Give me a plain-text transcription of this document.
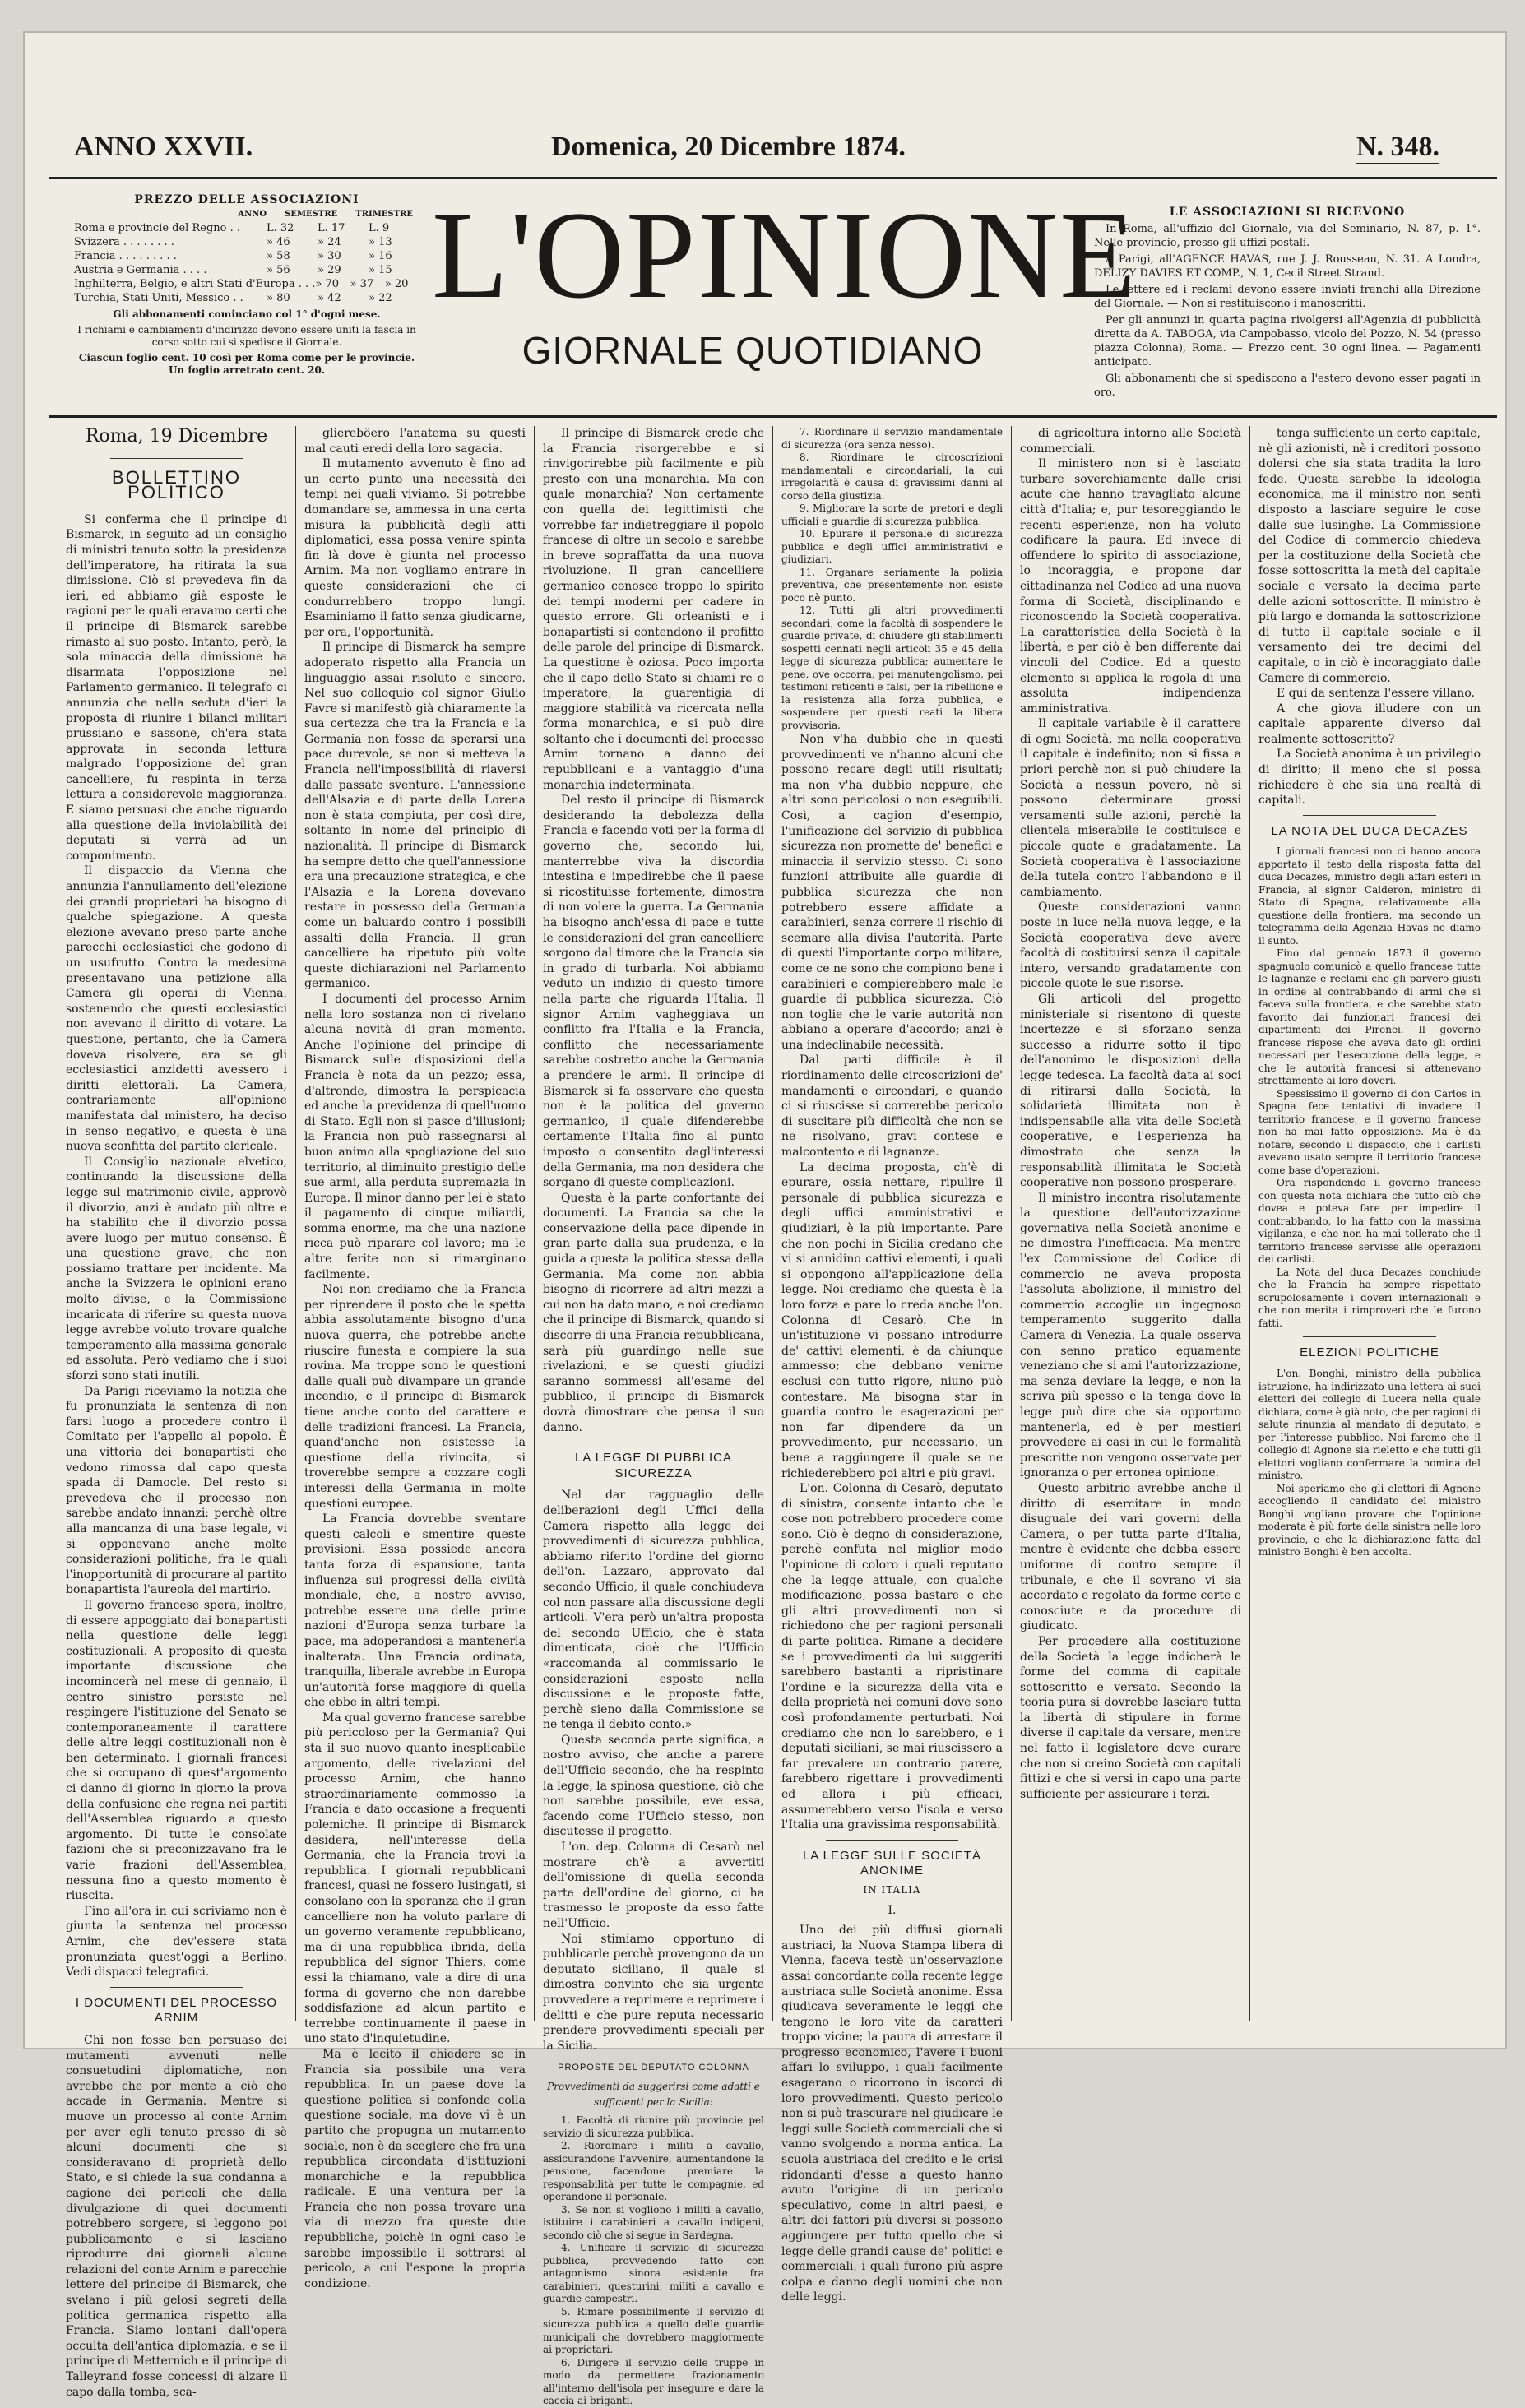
ANNO XXVII.	Domenica, 20 Dicembre 1874.	N. 348.
PREZZO DELLE ASSOCIAZIONI
ANNO SEMESTRE TRIMESTRE
Roma e provincie del Regno . .	L. 32	L. 17	L. 9
Svizzera . . . . . . . .	» 46	» 24	» 13
Francia . . . . . . . . .	» 58	» 30	» 16
Austria e Germania . . . .	» 56	» 29	» 15
Inghilterra, Belgio, e altri Stati d'Europa . . . » 70	» 37	» 20
Turchia, Stati Uniti, Messico . .	» 80	» 42	» 22
Gli abbonamenti cominciano col 1° d'ogni mese.
I richiami e cambiamenti d'indirizzo devono essere uniti la fascia in corso sotto cui si spedisce il Giornale.
Ciascun foglio cent. 10 così per Roma come per le provincie. Un foglio arretrato cent. 20.
L'OPINIONE
GIORNALE QUOTIDIANO
LE ASSOCIAZIONI SI RICEVONO

In Roma, all'uffizio del Giornale, via del Seminario, N. 87, p. 1°. Nelle provincie, presso gli uffizi postali.

A Parigi, all'AGENCE HAVAS, rue J. J. Rousseau, N. 31. A Londra, DELIZY DAVIES ET COMP., N. 1, Cecil Street Strand.

Le lettere ed i reclami devono essere inviati franchi alla Direzione del Giornale. — Non si restituiscono i manoscritti.

Per gli annunzi in quarta pagina rivolgersi all'Agenzia di pubblicità diretta da A. TABOGA, via Campobasso, vicolo del Pozzo, N. 54 (presso piazza Colonna), Roma. — Prezzo cent. 30 ogni linea. — Pagamenti anticipato.

Gli abbonamenti che si spediscono a l'estero devono esser pagati in oro.

Roma, 19 Dicembre

BOLLETTINO POLITICO

Si conferma che il principe di Bismarck, in seguito ad un consiglio di ministri tenuto sotto la presidenza dell'imperatore, ha ritirata la sua dimissione. Ciò si prevedeva fin da ieri, ed abbiamo già esposte le ragioni per le quali eravamo certi che il principe di Bismarck sarebbe rimasto al suo posto. Intanto, però, la sola minaccia della dimissione ha disarmata l'opposizione nel Parlamento germanico. Il telegrafo ci annunzia che nella seduta d'ieri la proposta di riunire i bilanci militari prussiano e sassone, ch'era stata approvata in seconda lettura malgrado l'opposizione del gran cancelliere, fu respinta in terza lettura a considerevole maggioranza. E siamo persuasi che anche riguardo alla questione della inviolabilità dei deputati si verrà ad un componimento.

Il dispaccio da Vienna che annunzia l'annullamento dell'elezione dei grandi proprietari ha bisogno di qualche spiegazione. A questa elezione avevano preso parte anche parecchi ecclesiastici che godono di un usufrutto. Contro la medesima presentavano una petizione alla Camera gli operai di Vienna, sostenendo che questi ecclesiastici non avevano il diritto di votare. La questione, pertanto, che la Camera doveva risolvere, era se gli ecclesiastici anzidetti avessero i diritti elettorali. La Camera, contrariamente all'opinione manifestata dal ministero, ha deciso in senso negativo, e questa è una nuova sconfitta del partito clericale.

Il Consiglio nazionale elvetico, continuando la discussione della legge sul matrimonio civile, approvò il divorzio, anzi è andato più oltre e ha stabilito che il divorzio possa avere luogo per mutuo consenso. È una questione grave, che non possiamo trattare per incidente. Ma anche la Svizzera le opinioni erano molto divise, e la Commissione incaricata di riferire su questa nuova legge avrebbe voluto trovare qualche temperamento alla massima generale ed assoluta. Però vediamo che i suoi sforzi sono stati inutili.

Da Parigi riceviamo la notizia che fu pronunziata la sentenza di non farsi luogo a procedere contro il Comitato per l'appello al popolo. È una vittoria dei bonapartisti che vedono rimossa dal capo questa spada di Damocle. Del resto si prevedeva che il processo non sarebbe andato innanzi; perchè oltre alla mancanza di una base legale, vi si opponevano anche molte considerazioni politiche, fra le quali l'inopportunità di procurare al partito bonapartista l'aureola del martirio.

Il governo francese spera, inoltre, di essere appoggiato dai bonapartisti nella questione delle leggi costituzionali. A proposito di questa importante discussione che incomincerà nel mese di gennaio, il centro sinistro persiste nel respingere l'istituzione del Senato se contemporaneamente il carattere delle altre leggi costituzionali non è ben determinato. I giornali francesi che si occupano di quest'argomento ci danno di giorno in giorno la prova della confusione che regna nei partiti dell'Assemblea riguardo a questo argomento. Di tutte le consolate fazioni che si preconizzavano fra le varie frazioni dell'Assemblea, nessuna fino a questo momento è riuscita.

Fino all'ora in cui scriviamo non è giunta la sentenza nel processo Arnim, che dev'essere stata pronunziata quest'oggi a Berlino. Vedi dispacci telegrafici.

I DOCUMENTI DEL PROCESSO ARNIM

Chi non fosse ben persuaso dei mutamenti avvenuti nelle consuetudini diplomatiche, non avrebbe che por mente a ciò che accade in Germania. Mentre si muove un processo al conte Arnim per aver egli tenuto presso di sè alcuni documenti che si consideravano di proprietà dello Stato, e si chiede la sua condanna a cagione dei pericoli che dalla divulgazione di quei documenti potrebbero sorgere, si leggono poi pubblicamente e si lasciano riprodurre dai giornali alcune relazioni del conte Arnim e parecchie lettere del principe di Bismarck, che svelano i più gelosi segreti della politica germanica rispetto alla Francia. Siamo lontani dall'opera occulta dell'antica diplomazia, e se il principe di Metternich e il principe di Talleyrand fosse concessi di alzare il capo dalla tomba, sca-

gliereböero l'anatema su questi mal cauti eredi della loro sagacia.

Il mutamento avvenuto è fino ad un certo punto una necessità dei tempi nei quali viviamo. Si potrebbe domandare se, ammessa in una certa misura la pubblicità degli atti diplomatici, essa possa venire spinta fin là dove è giunta nel processo Arnim. Ma non vogliamo entrare in queste considerazioni che ci condurrebbero troppo lungi. Esaminiamo il fatto senza giudicarne, per ora, l'opportunità.

Il principe di Bismarck ha sempre adoperato rispetto alla Francia un linguaggio assai risoluto e sincero. Nel suo colloquio col signor Giulio Favre si manifestò già chiaramente la sua certezza che tra la Francia e la Germania non fosse da sperarsi una pace durevole, se non si metteva la Francia nell'impossibilità di riaversi dalle passate sventure. L'annessione dell'Alsazia e di parte della Lorena non è stata compiuta, per così dire, soltanto in nome del principio di nazionalità. Il principe di Bismarck ha sempre detto che quell'annessione era una precauzione strategica, e che l'Alsazia e la Lorena dovevano restare in possesso della Germania come un baluardo contro i possibili assalti della Francia. Il gran cancelliere ha ripetuto più volte queste dichiarazioni nel Parlamento germanico.

I documenti del processo Arnim nella loro sostanza non ci rivelano alcuna novità di gran momento. Anche l'opinione del principe di Bismarck sulle disposizioni della Francia è nota da un pezzo; essa, d'altronde, dimostra la perspicacia ed anche la previdenza di quell'uomo di Stato. Egli non si pasce d'illusioni; la Francia non può rassegnarsi al buon animo alla spogliazione del suo territorio, al diminuito prestigio delle sue armi, alla perduta supremazia in Europa. Il minor danno per lei è stato il pagamento di cinque miliardi, somma enorme, ma che una nazione ricca può riparare col lavoro; ma le altre ferite non si rimarginano facilmente.

Noi non crediamo che la Francia per riprendere il posto che le spetta abbia assolutamente bisogno d'una nuova guerra, che potrebbe anche riuscire funesta e compiere la sua rovina. Ma troppe sono le questioni dalle quali può divampare un grande incendio, e il principe di Bismarck tiene anche conto del carattere e delle tradizioni francesi. La Francia, quand'anche non esistesse la questione della rivincita, si troverebbe sempre a cozzare cogli interessi della Germania in molte questioni europee.

La Francia dovrebbe sventare questi calcoli e smentire queste previsioni. Essa possiede ancora tanta forza di espansione, tanta influenza sui progressi della civiltà mondiale, che, a nostro avviso, potrebbe essere una delle prime nazioni d'Europa senza turbare la pace, ma adoperandosi a mantenerla inalterata. Una Francia ordinata, tranquilla, liberale avrebbe in Europa un'autorità forse maggiore di quella che ebbe in altri tempi.

Ma qual governo francese sarebbe più pericoloso per la Germania? Qui sta il suo nuovo quanto inesplicabile argomento, delle rivelazioni del processo Arnim, che hanno straordinariamente commosso la Francia e dato occasione a frequenti polemiche. Il principe di Bismarck desidera, nell'interesse della Germania, che la Francia trovi la repubblica. I giornali repubblicani francesi, quasi ne fossero lusingati, si consolano con la speranza che il gran cancelliere non ha voluto parlare di un governo veramente repubblicano, ma di una repubblica ibrida, della repubblica del signor Thiers, come essi la chiamano, vale a dire di una forma di governo che non darebbe soddisfazione ad alcun partito e terrebbe continuamente il paese in uno stato d'inquietudine.

Ma è lecito il chiedere se in Francia sia possibile una vera repubblica. In un paese dove la questione politica si confonde colla questione sociale, ma dove vi è un partito che propugna un mutamento sociale, non è da sceglere che fra una repubblica circondata d'istituzioni monarchiche e la repubblica radicale. E una ventura per la Francia che non possa trovare una via di mezzo fra queste due repubbliche, poichè in ogni caso le sarebbe impossibile il sottrarsi al pericolo, a cui l'espone la propria condizione.

Il principe di Bismarck crede che la Francia risorgerebbe e si rinvigorirebbe più facilmente e più presto con una monarchia. Ma con quale monarchia? Non certamente con quella dei legittimisti che vorrebbe far indietreggiare il popolo francese di oltre un secolo e sarebbe in breve sopraffatta da una nuova rivoluzione. Il gran cancelliere germanico conosce troppo lo spirito dei tempi moderni per cadere in questo errore. Gli orleanisti e i bonapartisti si contendono il profitto delle parole del principe di Bismarck. La questione è oziosa. Poco importa che il capo dello Stato si chiami re o imperatore; la guarentigia di maggiore stabilità va ricercata nella forma monarchica, e si può dire soltanto che i documenti del processo Arnim tornano a danno dei repubblicani e a vantaggio d'una monarchia indeterminata.

Del resto il principe di Bismarck desiderando la debolezza della Francia e facendo voti per la forma di governo che, secondo lui, manterrebbe viva la discordia intestina e impedirebbe che il paese si ricostituisse fortemente, dimostra di non volere la guerra. La Germania ha bisogno anch'essa di pace e tutte le considerazioni del gran cancelliere sorgono dal timore che la Francia sia in grado di turbarla. Noi abbiamo veduto un indizio di questo timore nella parte che riguarda l'Italia. Il signor Arnim vagheggiava un conflitto fra l'Italia e la Francia, conflitto che necessariamente sarebbe costretto anche la Germania a prendere le armi. Il principe di Bismarck si fa osservare che questa non è la politica del governo germanico, il quale difenderebbe certamente l'Italia fino al punto imposto o consentito dagl'interessi della Germania, ma non desidera che sorgano di queste complicazioni.

Questa è la parte confortante dei documenti. La Francia sa che la conservazione della pace dipende in gran parte dalla sua prudenza, e la guida a questa la politica stessa della Germania. Ma come non abbia bisogno di ricorrere ad altri mezzi a cui non ha dato mano, e noi crediamo che il principe di Bismarck, quando si discorre di una Francia repubblicana, sarà più guardingo nelle sue rivelazioni, e se questi giudizi saranno sommessi all'esame del pubblico, il principe di Bismarck dovrà dimostrare che pensa il suo danno.

LA LEGGE DI PUBBLICA SICUREZZA

Nel dar ragguaglio delle deliberazioni degli Uffici della Camera rispetto alla legge dei provvedimenti di sicurezza pubblica, abbiamo riferito l'ordine del giorno dell'on. Lazzaro, approvato dal secondo Ufficio, il quale conchiudeva col non passare alla discussione degli articoli. V'era però un'altra proposta del secondo Ufficio, che è stata dimenticata, cioè che l'Ufficio «raccomanda al commissario le considerazioni esposte nella discussione e le proposte fatte, perchè sieno dalla Commissione se ne tenga il debito conto.»

Questa seconda parte significa, a nostro avviso, che anche a parere dell'Ufficio secondo, che ha respinto la legge, la spinosa questione, ciò che non sarebbe possibile, eve essa, facendo come l'Ufficio stesso, non discutesse il progetto.

L'on. dep. Colonna di Cesarò nel mostrare ch'è a avvertiti dell'omissione di quella seconda parte dell'ordine del giorno, ci ha trasmesso le proposte da esso fatte nell'Ufficio.

Noi stimiamo opportuno di pubblicarle perchè provengono da un deputato siciliano, il quale si dimostra convinto che sia urgente provvedere a reprimere e reprimere i delitti e che pure reputa necessario prendere provvedimenti speciali per la Sicilia.

PROPOSTE DEL DEPUTATO COLONNA

Provvedimenti da suggerirsi come adatti e sufficienti per la Sicilia:

1. Facoltà di riunire più provincie pel servizio di sicurezza pubblica.

2. Riordinare i militi a cavallo, assicurandone l'avvenire, aumentandone la pensione, facendone premiare la responsabilità per tutte le compagnie, ed operandone il personale.

3. Se non si vogliono i militi a cavallo, istituire i carabinieri a cavallo indigeni, secondo ciò che si segue in Sardegna.

4. Unificare il servizio di sicurezza pubblica, provvedendo fatto con antagonismo sinora esistente fra carabinieri, questurini, militi a cavallo e guardie campestri.

5. Rimare possibilmente il servizio di sicurezza pubblica a quello delle guardie municipali che dovrebbero maggiormente ai proprietari.

6. Dirigere il servizio delle truppe in modo da permettere frazionamento all'interno dell'isola per inseguire e dare la caccia ai briganti.

7. Riordinare il servizio mandamentale di sicurezza (ora senza nesso).

8. Riordinare le circoscrizioni mandamentali e circondariali, la cui irregolarità è causa di gravissimi danni al corso della giustizia.

9. Migliorare la sorte de' pretori e degli ufficiali e guardie di sicurezza pubblica.

10. Epurare il personale di sicurezza pubblica e degli uffici amministrativi e giudiziari.

11. Organare seriamente la polizia preventiva, che presentemente non esiste poco nè punto.

12. Tutti gli altri provvedimenti secondari, come la facoltà di sospendere le guardie private, di chiudere gli stabilimenti sospetti cennati negli articoli 35 e 45 della legge di sicurezza pubblica; aumentare le pene, ove occorra, pei manutengolismo, pei testimoni reticenti e falsi, per la ribellione e la resistenza alla forza pubblica, e sospendere per questi reati la libera provvisoria.

Non v'ha dubbio che in questi provvedimenti ve n'hanno alcuni che possono recare degli utili risultati; ma non v'ha dubbio neppure, che altri sono pericolosi o non eseguibili. Così, a cagion d'esempio, l'unificazione del servizio di pubblica sicurezza non promette de' benefici e minaccia il servizio stesso. Ci sono funzioni attribuite alle guardie di pubblica sicurezza che non potrebbero essere affidate a carabinieri, senza correre il rischio di scemare alla divisa l'autorità. Parte di questi l'importante corpo militare, come ce ne sono che compiono bene i carabinieri e compierebbero male le guardie di pubblica sicurezza. Ciò non toglie che le varie autorità non abbiano a operare d'accordo; anzi è una indeclinabile necessità.

Dal parti difficile è il riordinamento delle circoscrizioni de' mandamenti e circondari, e quando ci si riuscisse si correrebbe pericolo di suscitare più difficoltà che non se ne risolvano, gravi contese e malcontento e di lagnanze.

La decima proposta, ch'è di epurare, ossia nettare, ripulire il personale di pubblica sicurezza e degli uffici amministrativi e giudiziari, è la più importante. Pare che non pochi in Sicilia credano che vi si annidino cattivi elementi, i quali si oppongono all'applicazione della legge. Noi crediamo che questa è la loro forza e pare lo creda anche l'on. Colonna di Cesarò. Che in un'istituzione vi possano introdurre de' cattivi elementi, è da chiunque ammesso; che debbano venirne esclusi con tutto rigore, niuno può contestare. Ma bisogna star in guardia contro le esagerazioni per non far dipendere da un provvedimento, pur necessario, un bene a raggiungere il quale se ne richiederebbero poi altri e più gravi.

L'on. Colonna di Cesarò, deputato di sinistra, consente intanto che le cose non potrebbero procedere come sono. Ciò è degno di considerazione, perchè confuta nel miglior modo l'opinione di coloro i quali reputano che la legge attuale, con qualche modificazione, possa bastare e che gli altri provvedimenti non si richiedono che per ragioni personali di parte politica. Rimane a decidere se i provvedimenti da lui suggeriti sarebbero bastanti a ripristinare l'ordine e la sicurezza della vita e della proprietà nei comuni dove sono così profondamente perturbati. Noi crediamo che non lo sarebbero, e i deputati siciliani, se mai riuscissero a far prevalere un contrario parere, farebbero rigettare i provvedimenti ed allora i più efficaci, assumerebbero verso l'isola e verso l'Italia una gravissima responsabilità.

LA LEGGE SULLE SOCIETÀ ANONIME

IN ITALIA

I.

Uno dei più diffusi giornali austriaci, la Nuova Stampa libera di Vienna, faceva testè un'osservazione assai concordante colla recente legge austriaca sulle Società anonime. Essa giudicava severamente le leggi che tengono le loro vite da caratteri troppo vicine; la paura di arrestare il progresso economico, l'avere i buoni affari lo sviluppo, i quali facilmente esagerano o ricorrono in iscorci di loro provvedimenti. Questo pericolo non si può trascurare nel giudicare le leggi sulle Società commerciali che si vanno svolgendo a norma antica. La scuola austriaca del credito e le crisi ridondanti d'esse a questo hanno avuto l'origine di un pericolo speculativo, come in altri paesi, e altri dei fattori più diversi si possono aggiungere per tutto quello che si legge delle grandi cause de' politici e commerciali, i quali furono più aspre colpa e danno degli uomini che non delle leggi.

di agricoltura intorno alle Società commerciali.

Il ministero non si è lasciato turbare soverchiamente dalle crisi acute che hanno travagliato alcune città d'Italia; e, pur tesoreggiando le recenti esperienze, non ha voluto codificare la paura. Ed invece di offendere lo spirito di associazione, lo incoraggia, e propone dar cittadinanza nel Codice ad una nuova forma di Società, disciplinando e riconoscendo la Società cooperativa. La caratteristica della Società è la libertà, e per ciò è ben differente dai vincoli del Codice. Ed a questo elemento si applica la regola di una assoluta indipendenza amministrativa.

Il capitale variabile è il carattere di ogni Società, ma nella cooperativa il capitale è indefinito; non si fissa a priori perchè non si può chiudere la Società a nessun povero, nè si possono determinare grossi versamenti sulle azioni, perchè la clientela miserabile le costituisce e piccole quote e gradatamente. La Società cooperativa è l'associazione della tutela contro l'abbandono e il cambiamento.

Queste considerazioni vanno poste in luce nella nuova legge, e la Società cooperativa deve avere facoltà di costituirsi senza il capitale intero, versando gradatamente con piccole quote le sue risorse.

Gli articoli del progetto ministeriale si risentono di queste incertezze e si sforzano senza successo a ridurre sotto il tipo dell'anonimo le disposizioni della legge tedesca. La facoltà data ai soci di ritirarsi dalla Società, la solidarietà illimitata non è indispensabile alla vita delle Società cooperative, e l'esperienza ha dimostrato che senza la responsabilità illimitata le Società cooperative non possono prosperare.

Il ministro incontra risolutamente la questione dell'autorizzazione governativa nella Società anonime e ne dimostra l'inefficacia. Ma mentre l'ex Commissione del Codice di commercio ne aveva proposta l'assoluta abolizione, il ministro del commercio accoglie un ingegnoso temperamento suggerito dalla Camera di Venezia. La quale osserva con senno pratico equamente veneziano che si ami l'autorizzazione, ma senza deviare la legge, e non la scriva più spesso e la tenga dove la legge può dire che sia opportuno mantenerla, ed è per mestieri provvedere ai casi in cui le formalità prescritte non vengono osservate per ignoranza o per erronea opinione.

Questo arbitrio avrebbe anche il diritto di esercitare in modo disuguale dei vari governi della Camera, o per tutta parte d'Italia, mentre è evidente che debba essere uniforme di contro sempre il tribunale, e che il sovrano vi sia accordato e regolato da forme certe e conosciute e da procedure di giudicato.

Per procedere alla costituzione della Società la legge indicherà le forme del comma di capitale sottoscritto e versato. Secondo la teoria pura si dovrebbe lasciare tutta la libertà di stipulare in forme diverse il capitale da versare, mentre nel fatto il legislatore deve curare che non si creino Società con capitali fittizi e che si versi in capo una parte sufficiente per assicurare i terzi.

tenga sufficiente un certo capitale, nè gli azionisti, nè i creditori possono dolersi che sia stata tradita la loro fede. Questa sarebbe la ideologia economica; ma il ministro non sentì disposto a lasciare seguire le cose dalle sue lusinghe. La Commissione del Codice di commercio chiedeva per la costituzione della Società che fosse sottoscritta la metà del capitale sociale e versato la decima parte delle azioni sottoscritte. Il ministro è più largo e domanda la sottoscrizione di tutto il capitale sociale e il versamento dei tre decimi del capitale, o in ciò è incoraggiato dalle Camere di commercio.

E qui da sentenza l'essere villano.

A che giova illudere con un capitale apparente diverso dal realmente sottoscritto?

La Società anonima è un privilegio di diritto; il meno che si possa richiedere è che sia una realtà di capitali.

LA NOTA DEL DUCA DECAZES

I giornali francesi non ci hanno ancora apportato il testo della risposta fatta dal duca Decazes, ministro degli affari esteri in Francia, al signor Calderon, ministro di Stato di Spagna, relativamente alla questione della frontiera, ma secondo un telegramma della Agenzia Havas ne diamo il sunto.

Fino dal gennaio 1873 il governo spagnuolo comunicò a quello francese tutte le lagnanze e reclami che gli parvero giusti in ordine al contrabbando di armi che si faceva sulla frontiera, e che sarebbe stato favorito dai funzionari francesi dei dipartimenti dei Pirenei. Il governo francese rispose che aveva dato gli ordini necessari per l'esecuzione della legge, e che le autorità francesi si attenevano strettamente ai loro doveri.

Spessissimo il governo di don Carlos in Spagna fece tentativi di invadere il territorio francese, e il governo francese non ha mai fatto opposizione. Ma è da notare, secondo il dispaccio, che i carlisti avevano usato sempre il territorio francese come base d'operazioni.

Ora rispondendo il governo francese con questa nota dichiara che tutto ciò che dovea e poteva fare per impedire il contrabbando, lo ha fatto con la massima vigilanza, e che non ha mai tollerato che il territorio francese servisse alle operazioni dei carlisti.

La Nota del duca Decazes conchiude che la Francia ha sempre rispettato scrupolosamente i doveri internazionali e che non merita i rimproveri che le furono fatti.

ELEZIONI POLITICHE

L'on. Bonghi, ministro della pubblica istruzione, ha indirizzato una lettera ai suoi elettori dei collegio di Lucera nella quale dichiara, come è già noto, che per ragioni di salute rinunzia al mandato di deputato, e per l'interesse pubblico. Noi faremo che il collegio di Agnone sia rieletto e che tutti gli elettori vogliano confermare la nomina del ministro.

Noi speriamo che gli elettori di Agnone accogliendo il candidato del ministro Bonghi vogliano provare che l'opinione moderata è più forte della sinistra nelle loro provincie, e che la dichiarazione fatta dal ministro Bonghi è ben accolta.
